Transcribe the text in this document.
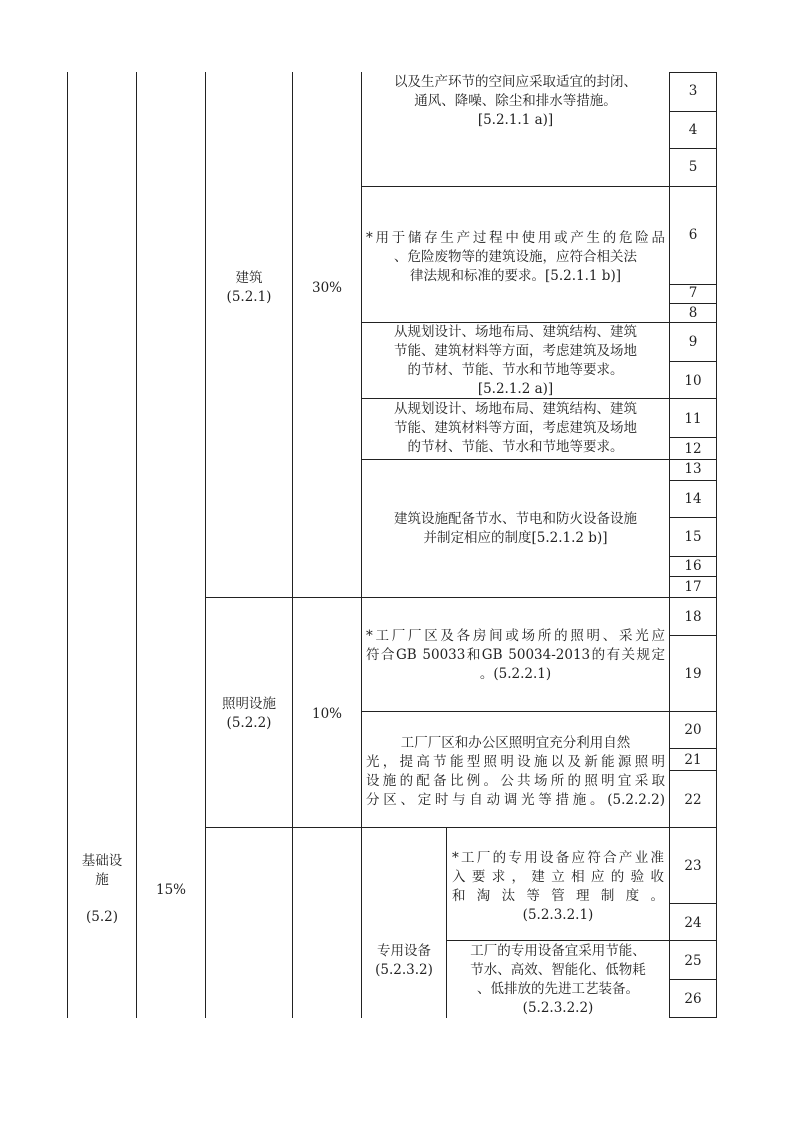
基础设
施
(5.2)
15%
建筑
(5.2.1)
30%
以及生产环节的空间应采取适宜的封闭、
通风、降噪、除尘和排水等措施。
[5.2.1.1 a)]
*用于储存生产过程中使用或产生的危险品
、危险废物等的建筑设施，应符合相关法
律法规和标准的要求。[5.2.1.1 b)]
从规划设计、场地布局、建筑结构、建筑
节能、建筑材料等方面，考虑建筑及场地
的节材、节能、节水和节地等要求。
[5.2.1.2 a)]
从规划设计、场地布局、建筑结构、建筑
节能、建筑材料等方面，考虑建筑及场地
的节材、节能、节水和节地等要求。
建筑设施配备节水、节电和防火设备设施
并制定相应的制度[5.2.1.2 b)]
照明设施
(5.2.2)
10%
*工厂厂区及各房间或场所的照明、采光应
符合GB 50033和GB 50034-2013的有关规定
。(5.2.2.1)
工厂厂区和办公区照明宜充分利用自然
光，提高节能型照明设施以及新能源照明
设施的配备比例。公共场所的照明宜采取
分区、定时与自动调光等措施。(5.2.2.2)
专用设备
(5.2.3.2)
*工厂的专用设备应符合产业准
入要求，建立相应的验收
和淘汰等管理制度。
(5.2.3.2.1)
工厂的专用设备宜采用节能、
节水、高效、智能化、低物耗
、低排放的先进工艺装备。
(5.2.3.2.2)
3
4
5
6
7
8
9
10
11
12
13
14
15
16
17
18
19
20
21
22
23
24
25
26
